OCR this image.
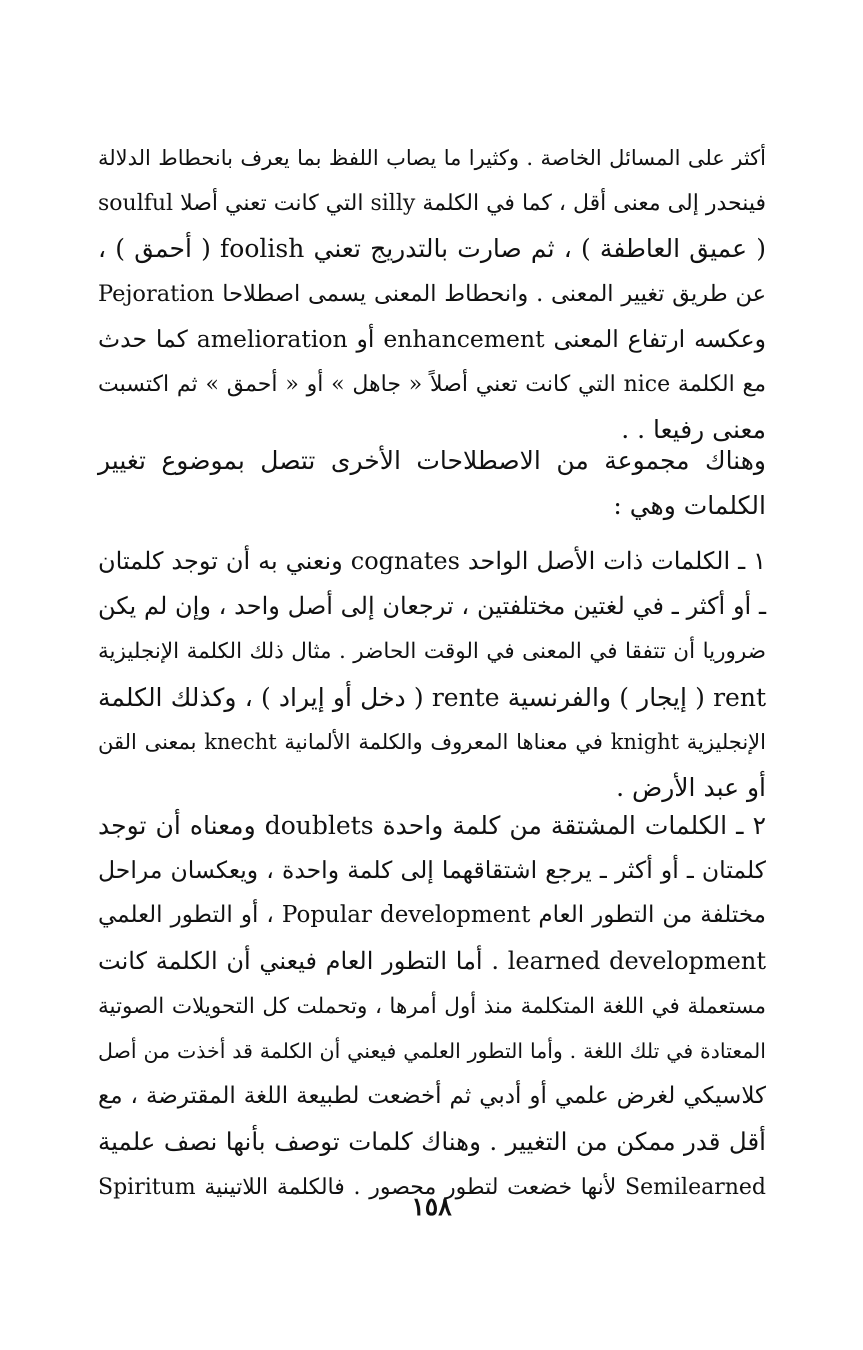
أكثر على المسائل الخاصة . وكثيرا ما يصاب اللفظ بما يعرف بانحطاط الدلالة
فينحدر إلى معنى أقل ، كما في الكلمة silly التي كانت تعني أصلا soulful
( عميق العاطفة ) ، ثم صارت بالتدريج تعني foolish ( أحمق ) ،
عن طريق تغيير المعنى . وانحطاط المعنى يسمى اصطلاحا Pejoration
وعكسه ارتفاع المعنى enhancement أو amelioration كما حدث
مع الكلمة nice التي كانت تعني أصلاً « جاهل » أو « أحمق » ثم اكتسبت
معنى رفيعا . .
وهناك مجموعة من الاصطلاحات الأخرى تتصل بموضوع تغيير
الكلمات وهي :
١ ـ الكلمات ذات الأصل الواحد cognates ونعني به أن توجد كلمتان
ـ أو أكثر ـ في لغتين مختلفتين ، ترجعان إلى أصل واحد ، وإن لم يكن
ضروريا أن تتفقا في المعنى في الوقت الحاضر . مثال ذلك الكلمة الإنجليزية
rent ( إيجار ) والفرنسية rente ( دخل أو إيراد ) ، وكذلك الكلمة
الإنجليزية knight في معناها المعروف والكلمة الألمانية knecht بمعنى القن
أو عبد الأرض .
٢ ـ الكلمات المشتقة من كلمة واحدة doublets ومعناه أن توجد
كلمتان ـ أو أكثر ـ يرجع اشتقاقهما إلى كلمة واحدة ، ويعكسان مراحل
مختلفة من التطور العام Popular development ، أو التطور العلمي
learned development . أما التطور العام فيعني أن الكلمة كانت
مستعملة في اللغة المتكلمة منذ أول أمرها ، وتحملت كل التحويلات الصوتية
المعتادة في تلك اللغة . وأما التطور العلمي فيعني أن الكلمة قد أخذت من أصل
كلاسيكي لغرض علمي أو أدبي ثم أخضعت لطبيعة اللغة المقترضة ، مع
أقل قدر ممكن من التغيير . وهناك كلمات توصف بأنها نصف علمية
Semilearned لأنها خضعت لتطور محصور . فالكلمة اللاتينية Spiritum
١٥٨
